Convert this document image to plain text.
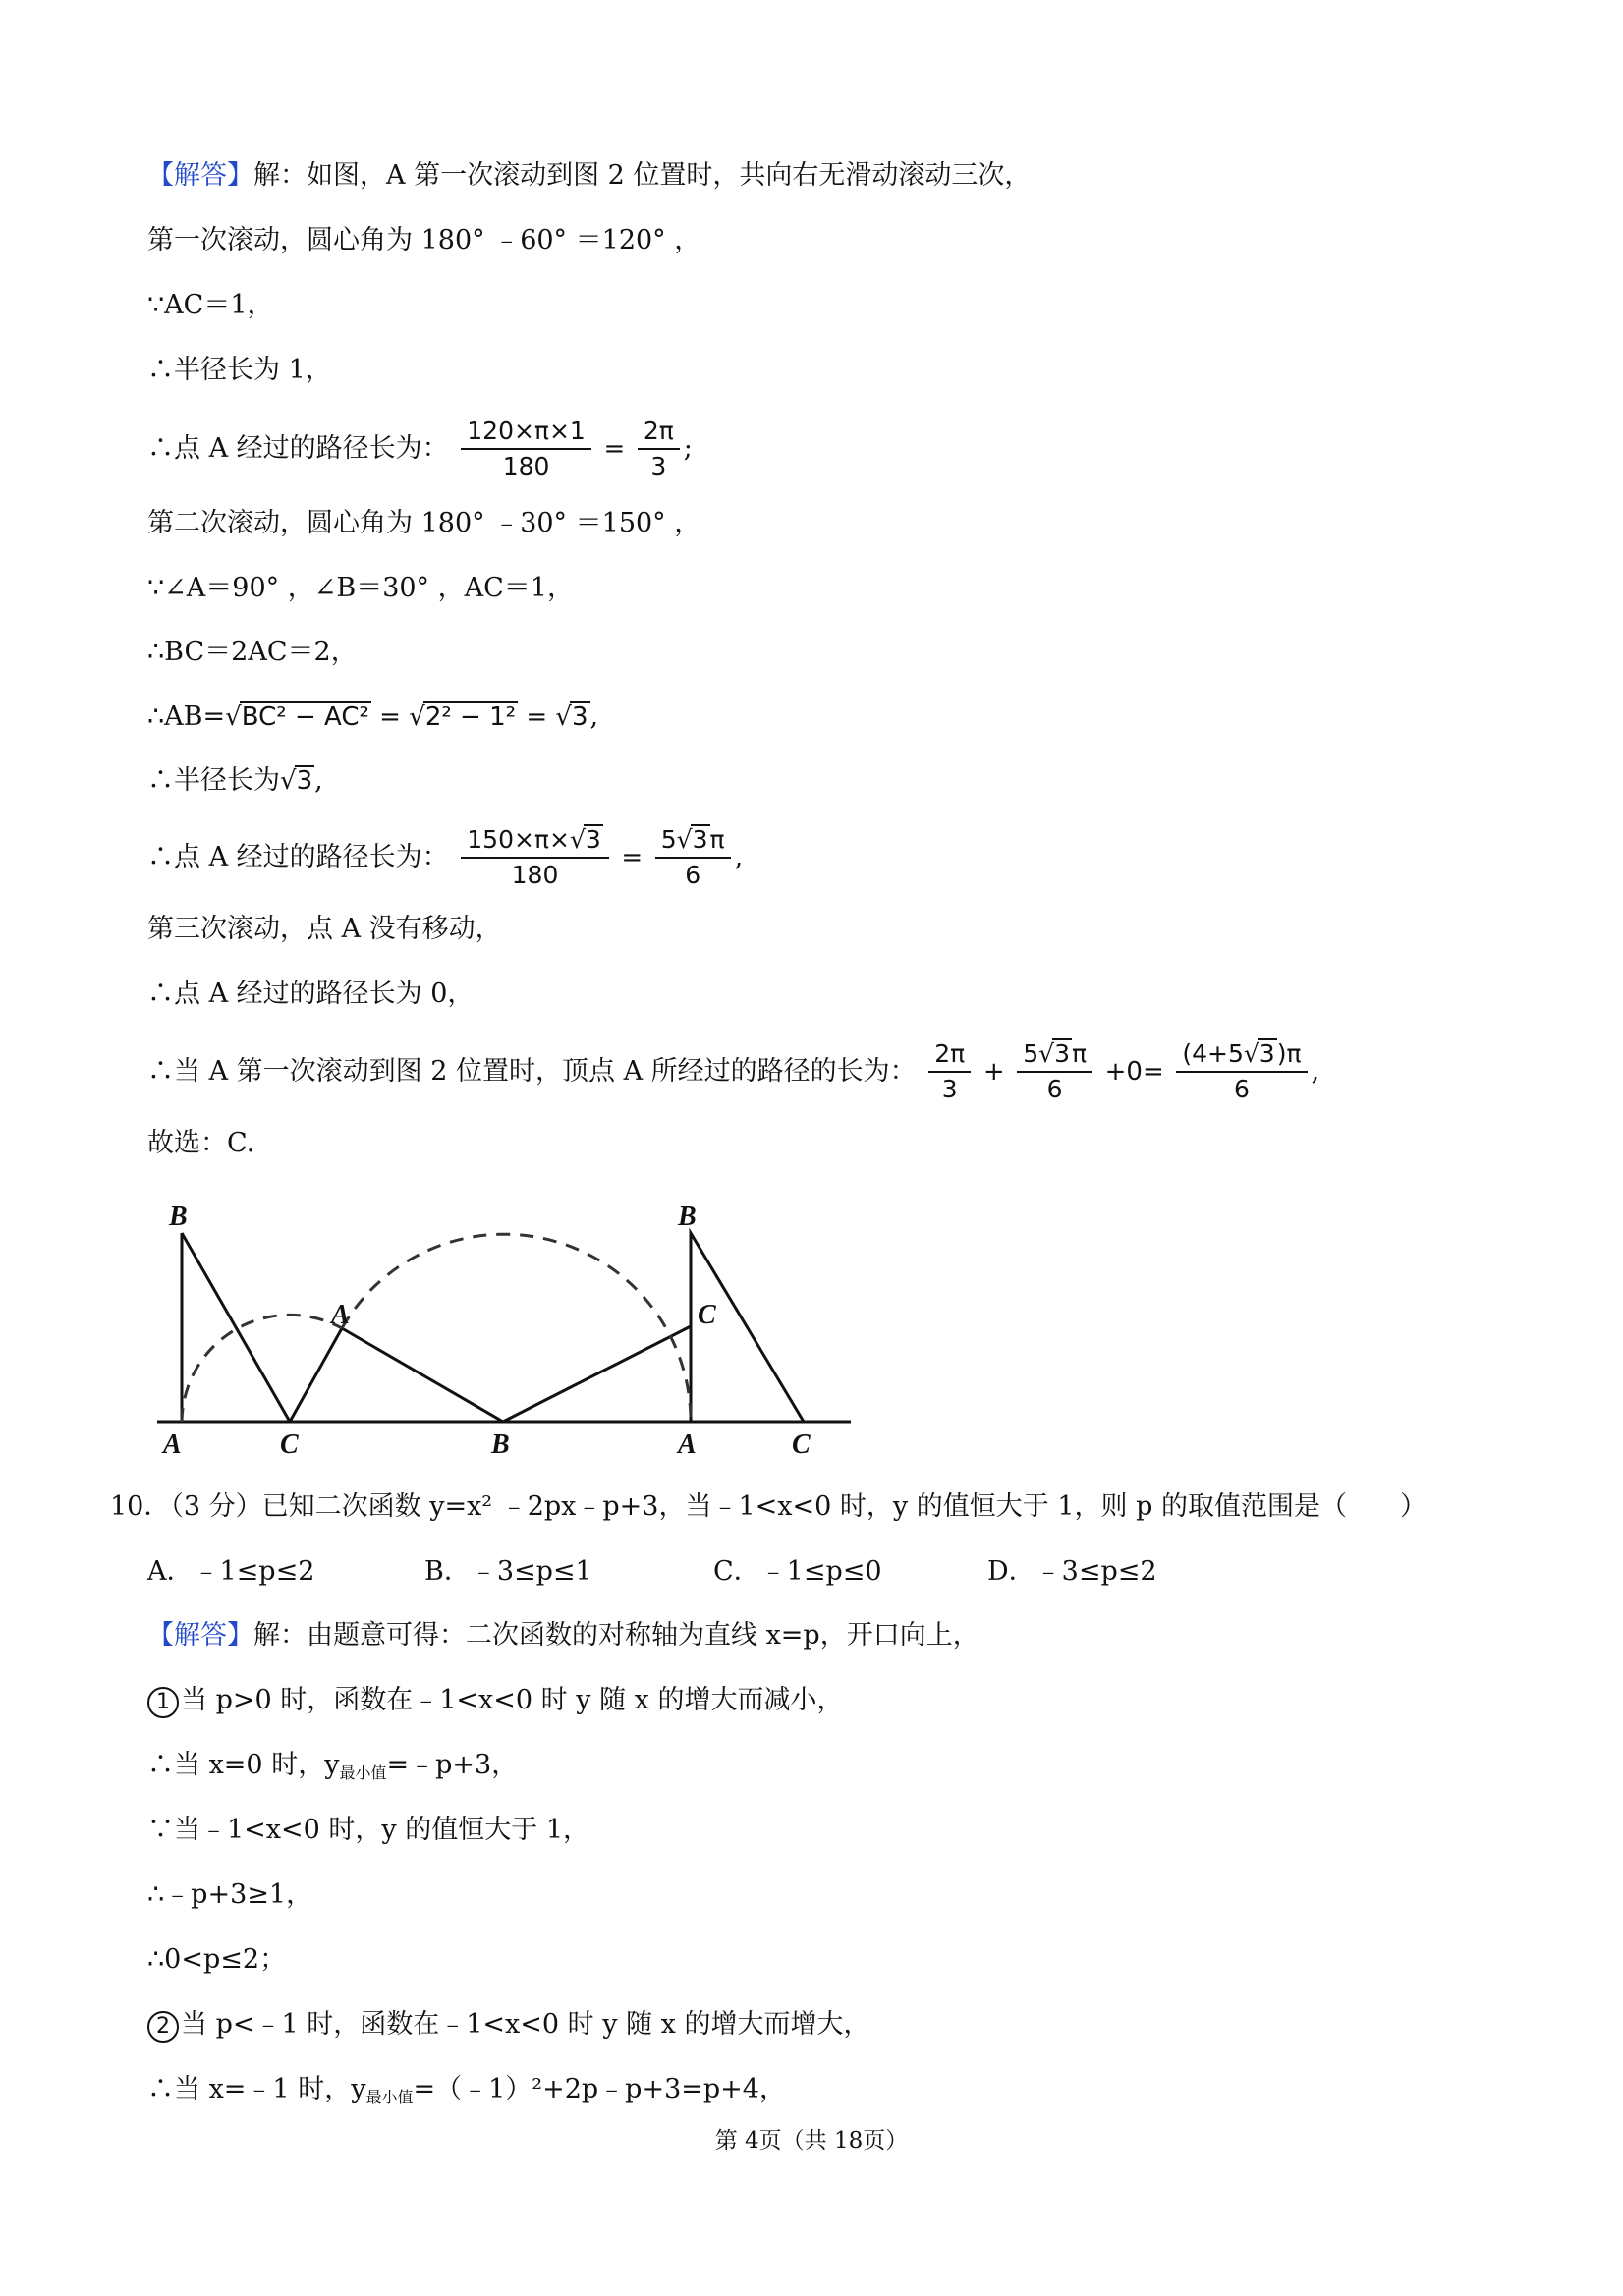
【解答】解：如图，A 第一次滚动到图 2 位置时，共向右无滑动滚动三次，
第一次滚动，圆心角为 180° ﹣60° ＝120° ，
∵AC＝1，
∴半径长为 1，
∴点 A 经过的路径长为： $\frac{120\times\pi\times 1}{180} = \frac{2\pi}{3}$ ;
第二次滚动，圆心角为 180° ﹣30° ＝150° ，
∵∠A＝90° ，∠B＝30° ，AC＝1，
∴BC＝2AC＝2，
∴AB=√BC² − AC² = √2² − 1² = √3,
∴半径长为√3,
∴点 A 经过的路径长为： $\frac{150\times\pi\times√3}{180} = \frac{5√3\pi}{6}$ ,
第三次滚动，点 A 没有移动，
∴点 A 经过的路径长为 0，
∴当 A 第一次滚动到图 2 位置时，顶点 A 所经过的路径的长为： $\frac{2\pi}{3} + \frac{5√3\pi}{6} +0= \frac{(4+5√3)\pi}{6}$ ,
故选：C.
B
A	C
A
B
C
A
B
C
10．（3 分）已知二次函数 y=x² ﹣2px﹣p+3，当﹣1<x<0 时，y 的值恒大于 1，则 p 的取值范围是（　　）
A．﹣1≤p≤2	B．﹣3≤p≤1	C．﹣1≤p≤0	D．﹣3≤p≤2
【解答】解：由题意可得：二次函数的对称轴为直线 x=p，开口向上，
1 当 p>0 时，函数在﹣1<x<0 时 y 随 x 的增大而减小，
∴当 x=0 时，$y_{最小值}=﹣p+3$，
∵当﹣1<x<0 时，y 的值恒大于 1，
∴﹣p+3≥1，
∴0<p≤2；
2 当 p<﹣1 时，函数在﹣1<x<0 时 y 随 x 的增大而增大，
∴当 x=﹣1 时，$y_{最小值}=(﹣1)^2+2p﹣p+3=p+4$，
第 4页（共 18页）
